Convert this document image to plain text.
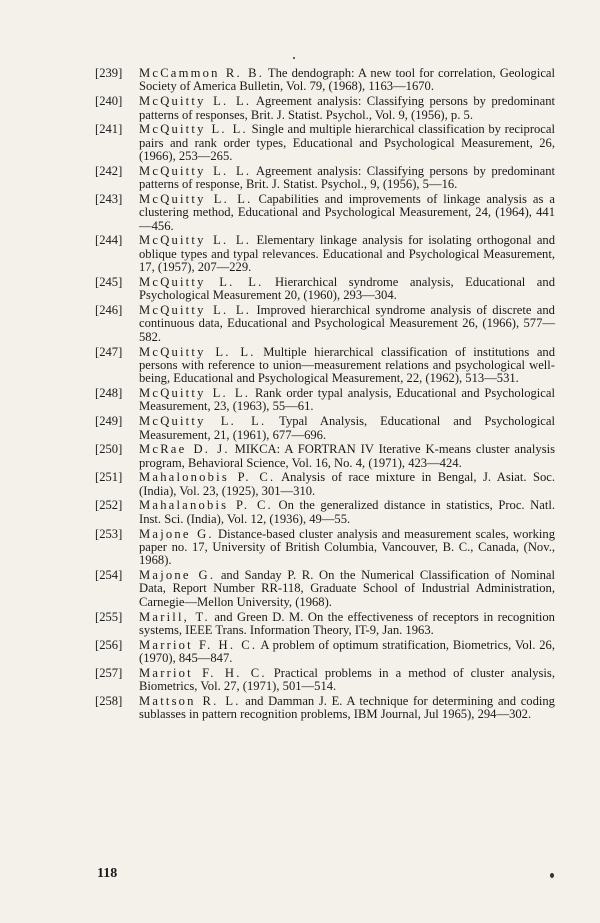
[239]	McCammon R. B. The dendograph: A new tool for correlation, Geological Society of America Bulletin, Vol. 79, (1968), 1163—1670.
[240]	McQuitty L. L. Agreement analysis: Classifying persons by predominant patterns of responses, Brit. J. Statist. Psychol., Vol. 9, (1956), p. 5.
[241]	McQuitty L. L. Single and multiple hierarchical classification by reciprocal pairs and rank order types, Educational and Psychological Measurement, 26, (1966), 253—265.
[242]	McQuitty L. L. Agreement analysis: Classifying persons by predominant patterns of response, Brit. J. Statist. Psychol., 9, (1956), 5—16.
[243]	McQuitty L. L. Capabilities and improvements of linkage analysis as a clustering method, Educational and Psychological Measurement, 24, (1964), 441—456.
[244]	McQuitty L. L. Elementary linkage analysis for isolating orthogonal and oblique types and typal relevances. Educational and Psychological Measurement, 17, (1957), 207—229.
[245]	McQuitty L. L. Hierarchical syndrome analysis, Educational and Psychological Measurement 20, (1960), 293—304.
[246]	McQuitty L. L. Improved hierarchical syndrome analysis of discrete and continuous data, Educational and Psychological Measurement 26, (1966), 577—582.
[247]	McQuitty L. L. Multiple hierarchical classification of institutions and persons with reference to union—measurement relations and psychological well-being, Educational and Psychological Measurement, 22, (1962), 513—531.
[248]	McQuitty L. L. Rank order typal analysis, Educational and Psychological Measurement, 23, (1963), 55—61.
[249]	McQuitty L. L. Typal Analysis, Educational and Psychological Measurement, 21, (1961), 677—696.
[250]	McRae D. J. MIKCA: A FORTRAN IV Iterative K-means cluster analysis program, Behavioral Science, Vol. 16, No. 4, (1971), 423—424.
[251]	Mahalonobis P. C. Analysis of race mixture in Bengal, J. Asiat. Soc. (India), Vol. 23, (1925), 301—310.
[252]	Mahalanobis P. C. On the generalized distance in statistics, Proc. Natl. Inst. Sci. (India), Vol. 12, (1936), 49—55.
[253]	Majone G. Distance-based cluster analysis and measurement scales, working paper no. 17, University of British Columbia, Vancouver, B. C., Canada, (Nov., 1968).
[254]	Majone G. and Sanday P. R. On the Numerical Classification of Nominal Data, Report Number RR-118, Graduate School of Industrial Administration, Carnegie—Mellon University, (1968).
[255]	Marill, T. and Green D. M. On the effectiveness of receptors in recognition systems, IEEE Trans. Information Theory, IT-9, Jan. 1963.
[256]	Marriot F. H. C. A problem of optimum stratification, Biometrics, Vol. 26, (1970), 845—847.
[257]	Marriot F. H. C. Practical problems in a method of cluster analysis, Biometrics, Vol. 27, (1971), 501—514.
[258]	Mattson R. L. and Damman J. E. A technique for determining and coding sublasses in pattern recognition problems, IBM Journal, Jul 1965), 294—302.
118
